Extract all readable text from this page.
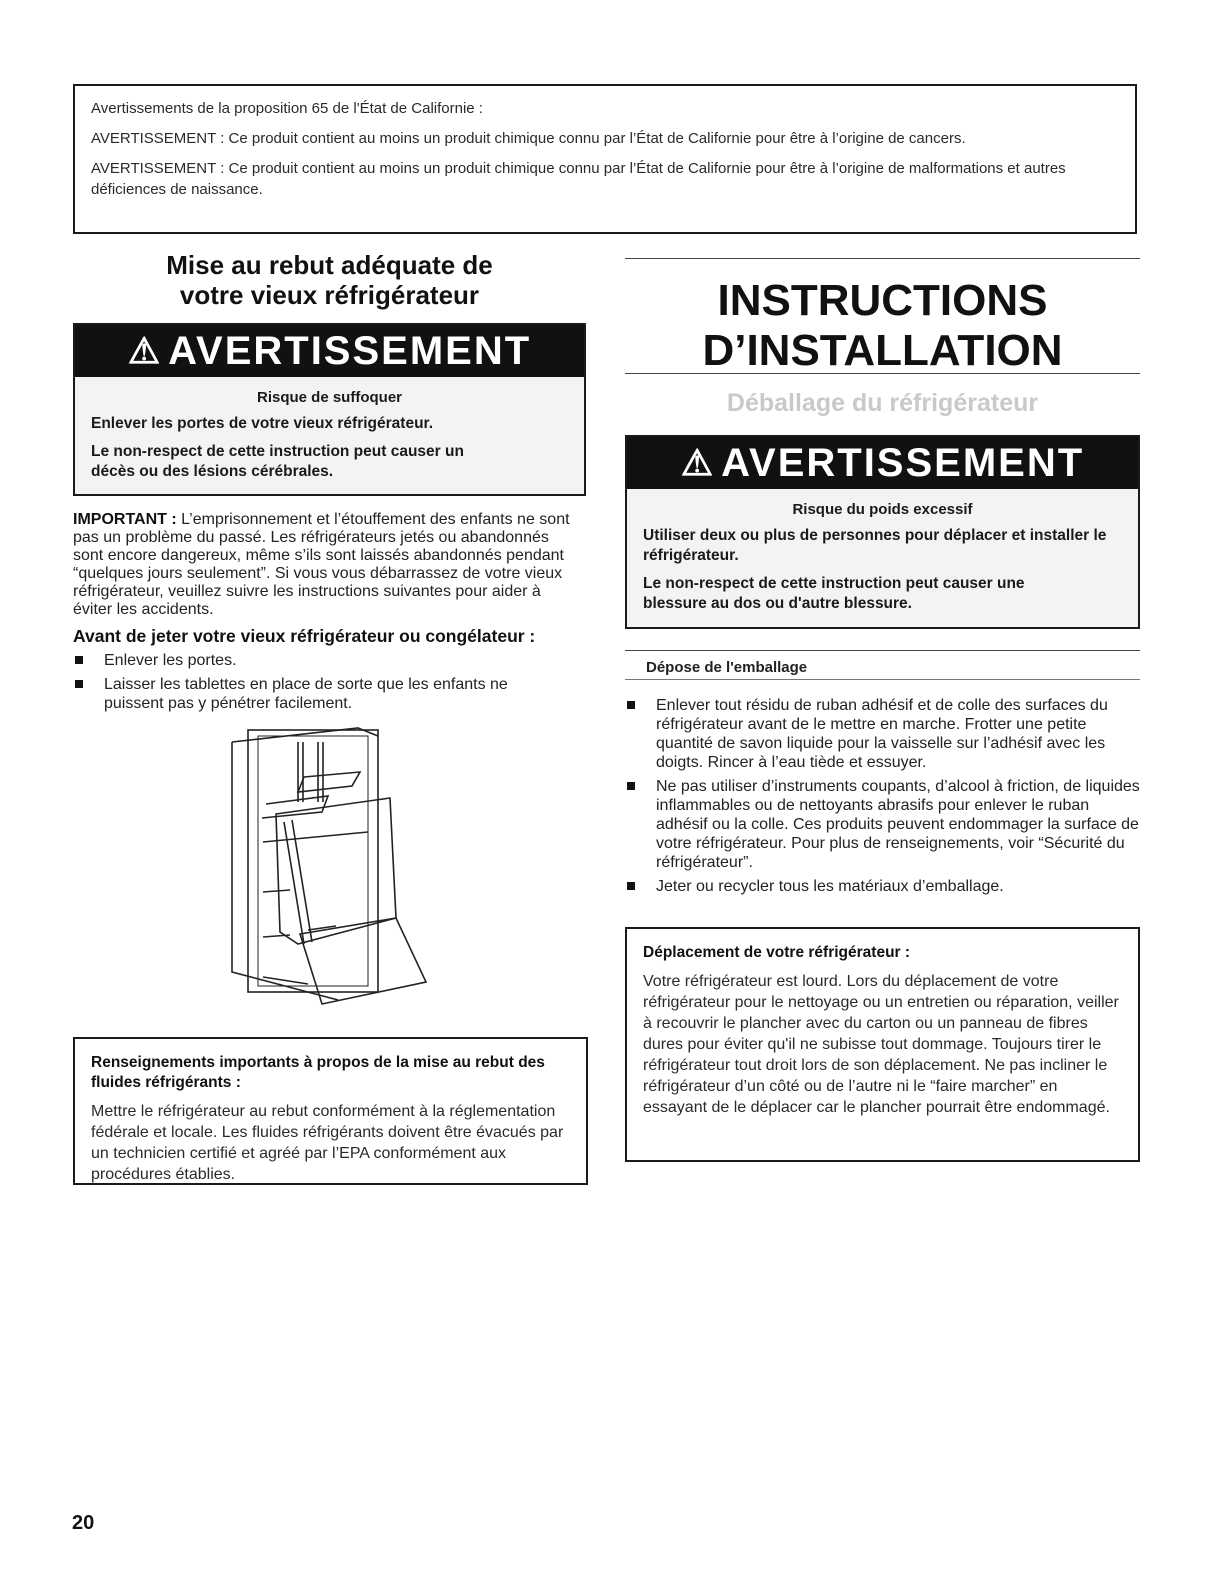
Avertissements de la proposition 65 de l'État de Californie :

AVERTISSEMENT : Ce produit contient au moins un produit chimique connu par l’État de Californie pour être à l’origine de cancers.

AVERTISSEMENT : Ce produit contient au moins un produit chimique connu par l’État de Californie pour être à l’origine de malformations et autres déficiences de naissance.

Mise au rebut adéquate de
votre vieux réfrigérateur
⚠ AVERTISSEMENT
Risque de suffoquer

Enlever les portes de votre vieux réfrigérateur.

Le non-respect de cette instruction peut causer un décès ou des lésions cérébrales.

IMPORTANT : L’emprisonnement et l’étouffement des enfants ne sont pas un problème du passé. Les réfrigérateurs jetés ou abandonnés sont encore dangereux, même s’ils sont laissés abandonnés pendant “quelques jours seulement”. Si vous vous débarrassez de votre vieux réfrigérateur, veuillez suivre les instructions suivantes pour aider à éviter les accidents.
Avant de jeter votre vieux réfrigérateur ou congélateur :
Enlever les portes.
Laisser les tablettes en place de sorte que les enfants ne puissent pas y pénétrer facilement.
Renseignements importants à propos de la mise au rebut des fluides réfrigérants :
Mettre le réfrigérateur au rebut conformément à la réglementation fédérale et locale. Les fluides réfrigérants doivent être évacués par un technicien certifié et agréé par l’EPA conformément aux procédures établies.
INSTRUCTIONS
D’INSTALLATION
Déballage du réfrigérateur
⚠ AVERTISSEMENT
Risque du poids excessif

Utiliser deux ou plus de personnes pour déplacer et installer le réfrigérateur.

Le non-respect de cette instruction peut causer une blessure au dos ou d'autre blessure.

Dépose de l'emballage
Enlever tout résidu de ruban adhésif et de colle des surfaces du réfrigérateur avant de le mettre en marche. Frotter une petite quantité de savon liquide pour la vaisselle sur l’adhésif avec les doigts. Rincer à l’eau tiède et essuyer.
Ne pas utiliser d’instruments coupants, d’alcool à friction, de liquides inflammables ou de nettoyants abrasifs pour enlever le ruban adhésif ou la colle. Ces produits peuvent endommager la surface de votre réfrigérateur. Pour plus de renseignements, voir “Sécurité du réfrigérateur”.
Jeter ou recycler tous les matériaux d’emballage.
Déplacement de votre réfrigérateur :
Votre réfrigérateur est lourd. Lors du déplacement de votre réfrigérateur pour le nettoyage ou un entretien ou réparation, veiller à recouvrir le plancher avec du carton ou un panneau de fibres dures pour éviter qu'il ne subisse tout dommage. Toujours tirer le réfrigérateur tout droit lors de son déplacement. Ne pas incliner le réfrigérateur d’un côté ou de l’autre ni le “faire marcher” en essayant de le déplacer car le plancher pourrait être endommagé.
20
